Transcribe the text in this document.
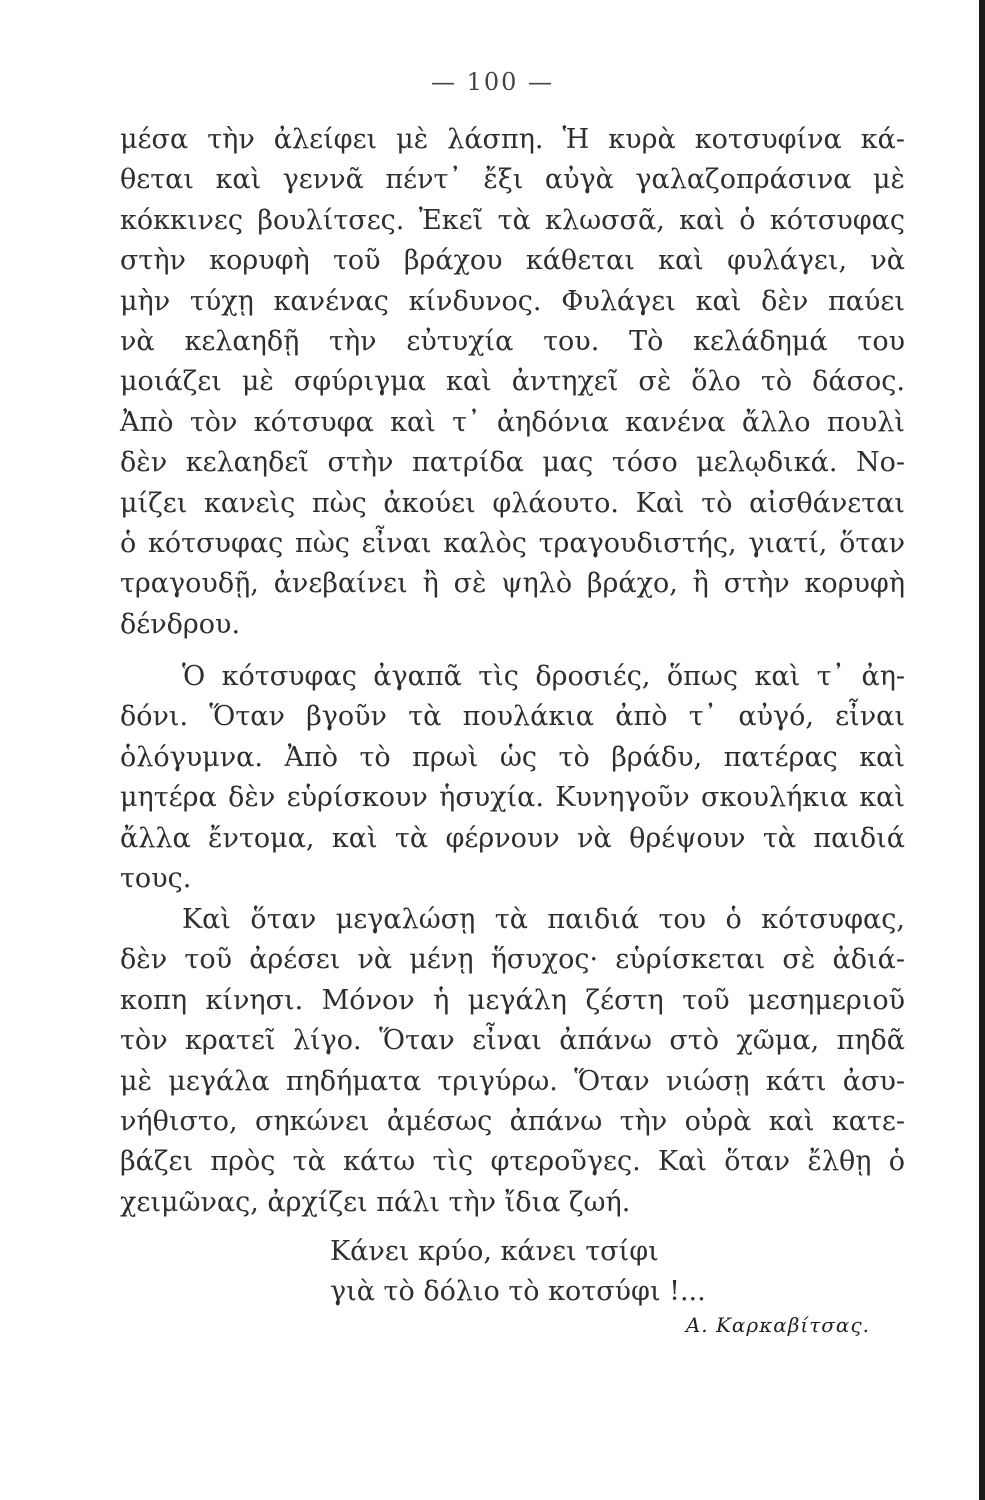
— 100 —
μέσα τὴν ἀλείφει μὲ λάσπη. Ἡ κυρὰ κοτσυφίνα κά-
θεται καὶ γεννᾶ πέντ᾽ ἔξι αὐγὰ γαλαζοπράσινα μὲ
κόκκινες βουλίτσες. Ἐκεῖ τὰ κλωσσᾶ, καὶ ὁ κότσυφας
στὴν κορυφὴ τοῦ βράχου κάθεται καὶ φυλάγει, νὰ
μὴν τύχῃ κανένας κίνδυνος. Φυλάγει καὶ δὲν παύει
νὰ κελαηδῇ τὴν εὐτυχία του. Τὸ κελάδημά του
μοιάζει μὲ σφύριγμα καὶ ἀντηχεῖ σὲ ὅλο τὸ δάσος.
Ἀπὸ τὸν κότσυφα καὶ τ᾽ ἀηδόνια κανένα ἄλλο πουλὶ
δὲν κελαηδεῖ στὴν πατρίδα μας τόσο μελῳδικά. Νο-
μίζει κανεὶς πὼς ἀκούει φλάουτο. Καὶ τὸ αἰσθάνεται
ὁ κότσυφας πὼς εἶναι καλὸς τραγουδιστής, γιατί, ὅταν
τραγουδῇ, ἀνεβαίνει ἢ σὲ ψηλὸ βράχο, ἢ στὴν κορυφὴ
δένδρου.
Ὁ κότσυφας ἀγαπᾶ τὶς δροσιές, ὅπως καὶ τ᾽ ἀη-
δόνι. Ὅταν βγοῦν τὰ πουλάκια ἀπὸ τ᾽ αὐγό, εἶναι
ὁλόγυμνα. Ἀπὸ τὸ πρωὶ ὡς τὸ βράδυ, πατέρας καὶ
μητέρα δὲν εὑρίσκουν ἡσυχία. Κυνηγοῦν σκουλήκια καὶ
ἄλλα ἔντομα, καὶ τὰ φέρνουν νὰ θρέψουν τὰ παιδιά
τους.
Καὶ ὅταν μεγαλώσῃ τὰ παιδιά του ὁ κότσυφας,
δὲν τοῦ ἀρέσει νὰ μένῃ ἥσυχος· εὑρίσκεται σὲ ἀδιά-
κοπη κίνησι. Μόνον ἡ μεγάλη ζέστη τοῦ μεσημεριοῦ
τὸν κρατεῖ λίγο. Ὅταν εἶναι ἀπάνω στὸ χῶμα, πηδᾶ
μὲ μεγάλα πηδήματα τριγύρω. Ὅταν νιώσῃ κάτι ἀσυ-
νήθιστο, σηκώνει ἀμέσως ἀπάνω τὴν οὐρὰ καὶ κατε-
βάζει πρὸς τὰ κάτω τὶς φτεροῦγες. Καὶ ὅταν ἔλθῃ ὁ
χειμῶνας, ἀρχίζει πάλι τὴν ἴδια ζωή.
Κάνει κρύο, κάνει τσίφι
γιὰ τὸ δόλιο τὸ κοτσύφι !...
Α. Καρκαβίτσας.
